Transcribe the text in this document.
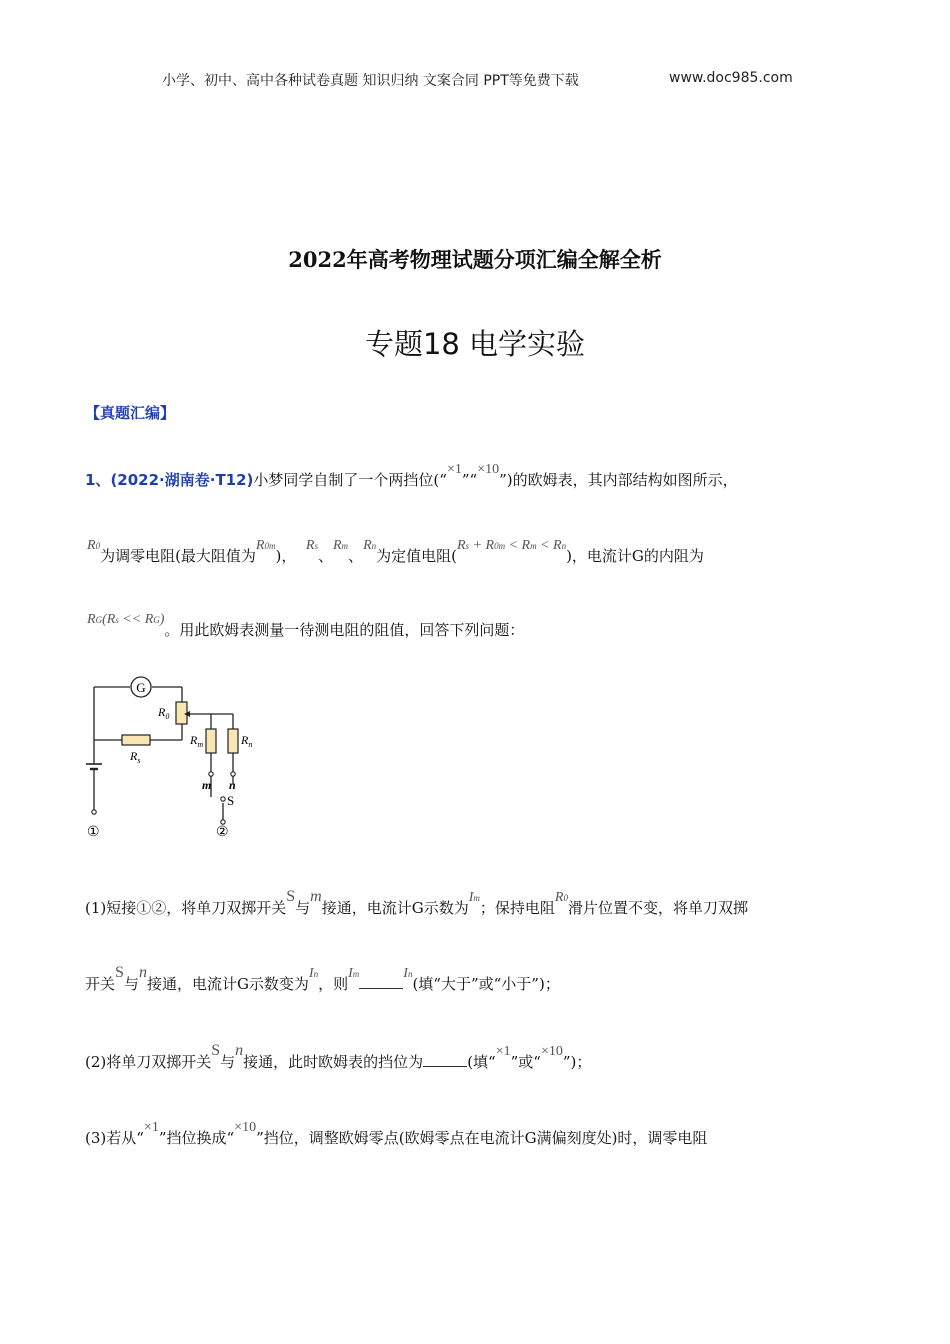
小学、初中、高中各种试卷真题 知识归纳 文案合同 PPT等免费下载	www.doc985.com
2022年高考物理试题分项汇编全解全析
专题18 电学实验
【真题汇编】
1、(2022·湖南卷·T12)小梦同学自制了一个两挡位(“×1”“×10”)的欧姆表，其内部结构如图所示，
R0为调零电阻(最大阻值为R0m)，  Rs、Rm、Rn为定值电阻(Rs + R0m < Rm < Rn)，电流计G的内阻为
RG(Rs << RG)。用此欧姆表测量一待测电阻的阻值，回答下列问题：
G
$R_0$
$R_s$
$R_m$	$R_n$
m n
S
①	②
(1)短接①②，将单刀双掷开关S与m接通，电流计G示数为Im；保持电阻R0滑片位置不变，将单刀双掷
开关S与n接通，电流计G示数变为In，则Im	In(填“大于”或“小于”)；
(2)将单刀双掷开关S与n接通，此时欧姆表的挡位为	(填“×1”或“×10”)；
(3)若从“×1”挡位换成“×10”挡位，调整欧姆零点(欧姆零点在电流计G满偏刻度处)时，调零电阻
